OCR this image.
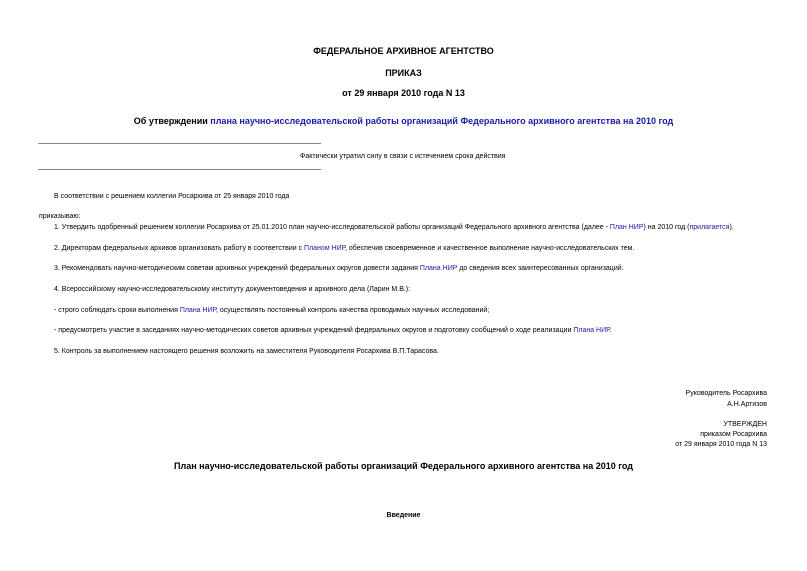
ФЕДЕРАЛЬНОЕ АРХИВНОЕ АГЕНТСТВО
ПРИКАЗ
от 29 января 2010 года N 13
Об утверждении плана научно-исследовательской работы организаций Федерального архивного агентства на 2010 год
Фактически утратил силу в связи с истечением срока действия
В соответствии с решением коллегии Росархива от 25 января 2010 года
приказываю:
1. Утвердить одобренный решением коллегии Росархива от 25.01.2010 план научно-исследовательской работы организаций Федерального архивного агентства (далее - План НИР) на 2010 год (прилагается).
2. Директорам федеральных архивов организовать работу в соответствии с Планом НИР, обеспечив своевременное и качественное выполнение научно-исследовательских тем.
3. Рекомендовать научно-методическим советам архивных учреждений федеральных округов довести задания Плана НИР до сведения всех заинтересованных организаций.
4. Всероссийскому научно-исследовательскому институту документоведения и архивного дела (Ларин М.В.):
- строго соблюдать сроки выполнения Плана НИР, осуществлять постоянный контроль качества проводимых научных исследований;
- предусмотреть участие в заседаниях научно-методических советов архивных учреждений федеральных округов и подготовку сообщений о ходе реализации Плана НИР.
5. Контроль за выполнением настоящего решения возложить на заместителя Руководителя Росархива В.П.Тарасова.
Руководитель Росархива
А.Н.Артизов
УТВЕРЖДЕН
приказом Росархива
от 29 января 2010 года N 13
План научно-исследовательской работы организаций Федерального архивного агентства на 2010 год
Введение
